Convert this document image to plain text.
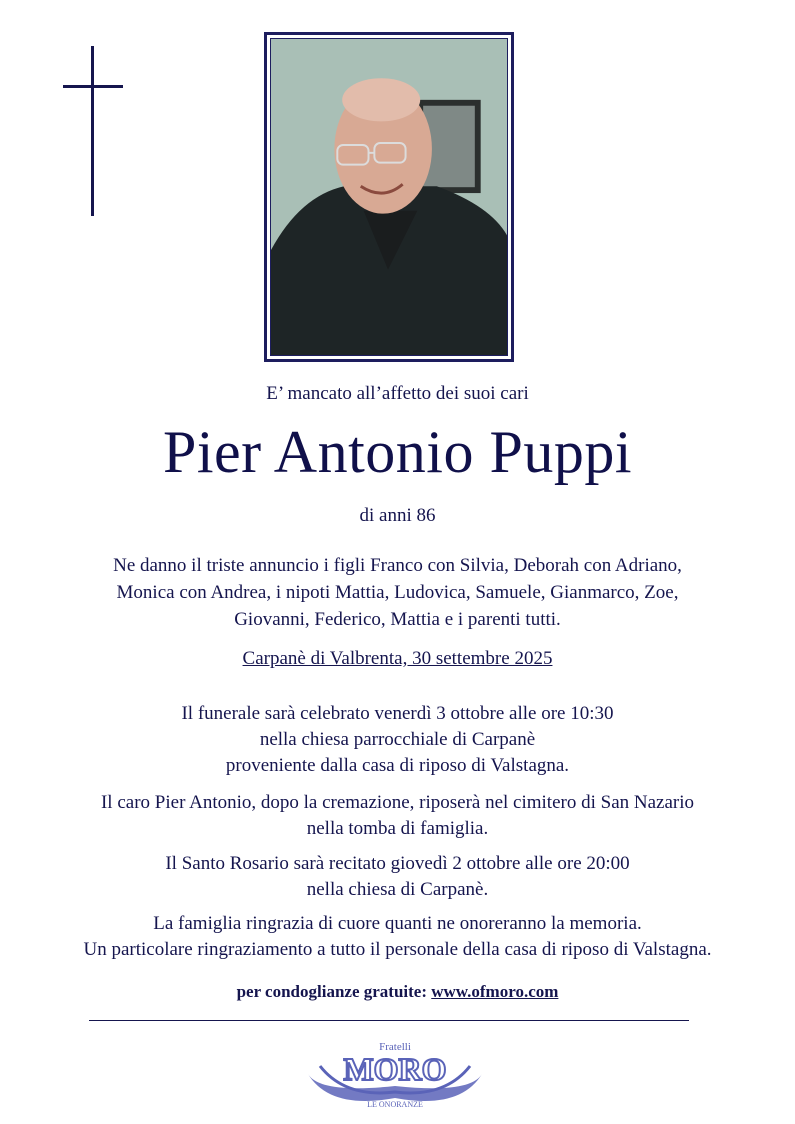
E’ mancato all’affetto dei suoi cari
Pier Antonio Puppi
di anni 86
Ne danno il triste annuncio i figli Franco con Silvia, Deborah con Adriano,
Monica con Andrea, i nipoti Mattia, Ludovica, Samuele, Gianmarco, Zoe,
Giovanni, Federico, Mattia e i parenti tutti.
Carpanè di Valbrenta, 30 settembre 2025
Il funerale sarà celebrato venerdì 3 ottobre alle ore 10:30
nella chiesa parrocchiale di Carpanè
proveniente dalla casa di riposo di Valstagna.
Il caro Pier Antonio, dopo la cremazione, riposerà nel cimitero di San Nazario
nella tomba di famiglia.
Il Santo Rosario sarà recitato giovedì 2 ottobre alle ore 20:00
nella chiesa di Carpanè.
La famiglia ringrazia di cuore quanti ne onoreranno la memoria.
Un particolare ringraziamento a tutto il personale della casa di riposo di Valstagna.
per condoglianze gratuite: www.ofmoro.com
Fratelli
MORO
LE ONORANZE
